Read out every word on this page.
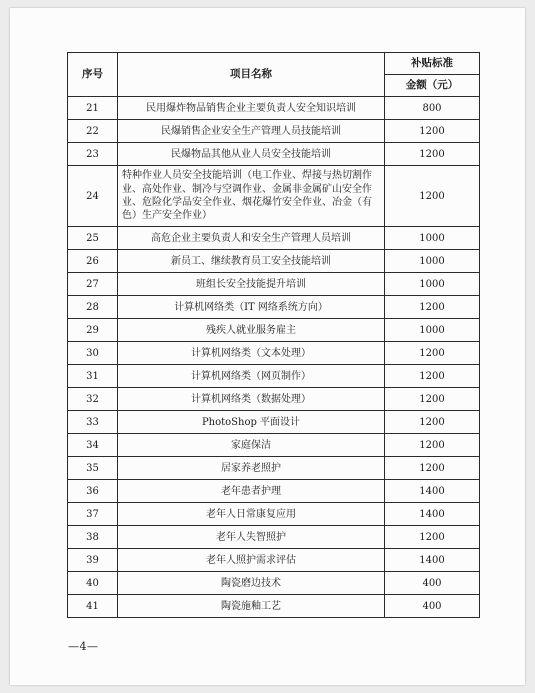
序号	项目名称	补贴标准
		金额（元）
21	民用爆炸物品销售企业主要负责人安全知识培训	800
22	民爆销售企业安全生产管理人员技能培训	1200
23	民爆物品其他从业人员安全技能培训	1200
24	特种作业人员安全技能培训（电工作业、焊接与热切割作业、高处作业、制冷与空调作业、金属非金属矿山安全作业、危险化学品安全作业、烟花爆竹安全作业、冶金（有色）生产安全作业）	1200
25	高危企业主要负责人和安全生产管理人员培训	1000
26	新员工、继续教育员工安全技能培训	1000
27	班组长安全技能提升培训	1000
28	计算机网络类（IT 网络系统方向）	1200
29	残疾人就业服务雇主	1000
30	计算机网络类（文本处理）	1200
31	计算机网络类（网页制作）	1200
32	计算机网络类（数据处理）	1200
33	PhotoShop 平面设计	1200
34	家庭保洁	1200
35	居家养老照护	1200
36	老年患者护理	1400
37	老年人日常康复应用	1400
38	老年人失智照护	1200
39	老年人照护需求评估	1400
40	陶瓷磨边技术	400
41	陶瓷施釉工艺	400
—4—
